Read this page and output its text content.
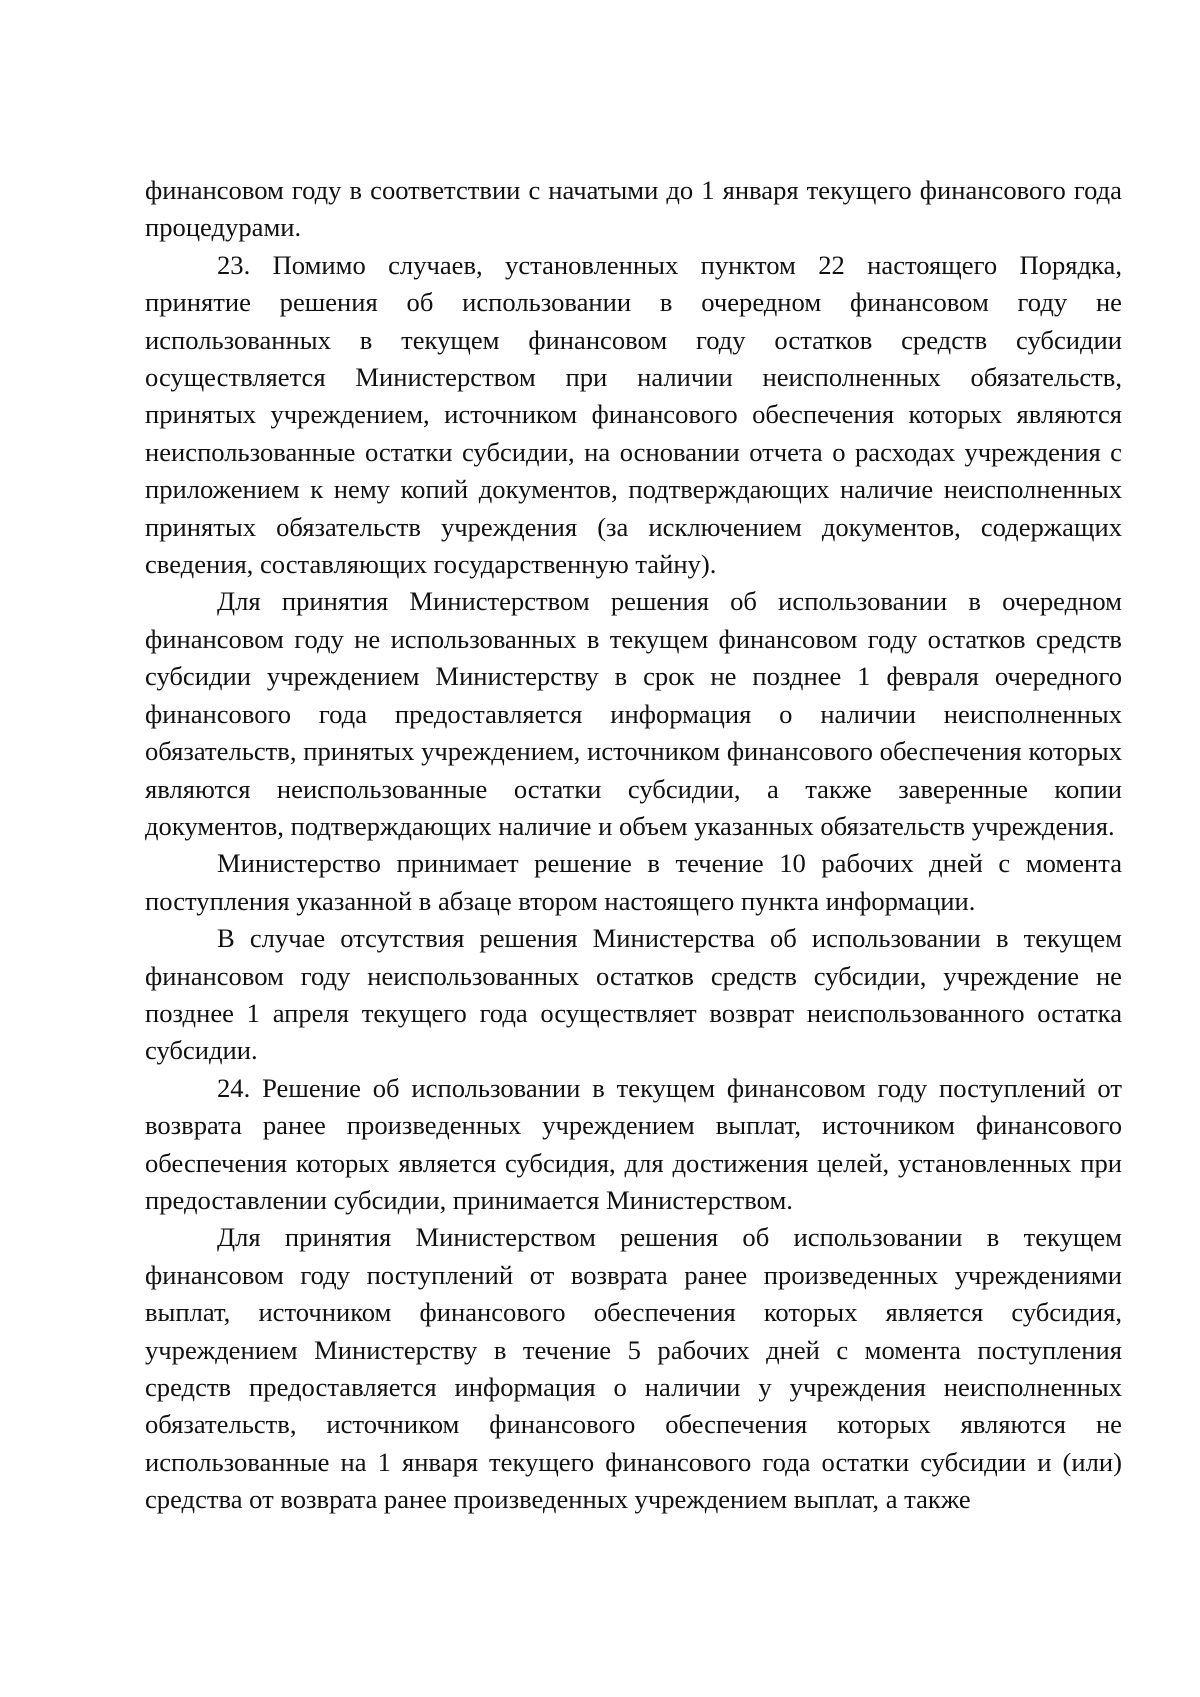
финансовом году в соответствии с начатыми до 1 января текущего финансового года процедурами.

23. Помимо случаев, установленных пунктом 22 настоящего Порядка, принятие решения об использовании в очередном финансовом году не использованных в текущем финансовом году остатков средств субсидии осуществляется Министерством при наличии неисполненных обязательств, принятых учреждением, источником финансового обеспечения которых являются неиспользованные остатки субсидии, на основании отчета о расходах учреждения с приложением к нему копий документов, подтверждающих наличие неисполненных принятых обязательств учреждения (за исключением документов, содержащих сведения, составляющих государственную тайну).

Для принятия Министерством решения об использовании в очередном финансовом году не использованных в текущем финансовом году остатков средств субсидии учреждением Министерству в срок не позднее 1 февраля очередного финансового года предоставляется информация о наличии неисполненных обязательств, принятых учреждением, источником финансового обеспечения которых являются неиспользованные остатки субсидии, а также заверенные копии документов, подтверждающих наличие и объем указанных обязательств учреждения.

Министерство принимает решение в течение 10 рабочих дней с момента поступления указанной в абзаце втором настоящего пункта информации.

В случае отсутствия решения Министерства об использовании в текущем финансовом году неиспользованных остатков средств субсидии, учреждение не позднее 1 апреля текущего года осуществляет возврат неиспользованного остатка субсидии.

24. Решение об использовании в текущем финансовом году поступлений от возврата ранее произведенных учреждением выплат, источником финансового обеспечения которых является субсидия, для достижения целей, установленных при предоставлении субсидии, принимается Министерством.

Для принятия Министерством решения об использовании в текущем финансовом году поступлений от возврата ранее произведенных учреждениями выплат, источником финансового обеспечения которых является субсидия, учреждением Министерству в течение 5 рабочих дней с момента поступления средств предоставляется информация о наличии у учреждения неисполненных обязательств, источником финансового обеспечения которых являются не использованные на 1 января текущего финансового года остатки субсидии и (или) средства от возврата ранее произведенных учреждением выплат, а также
